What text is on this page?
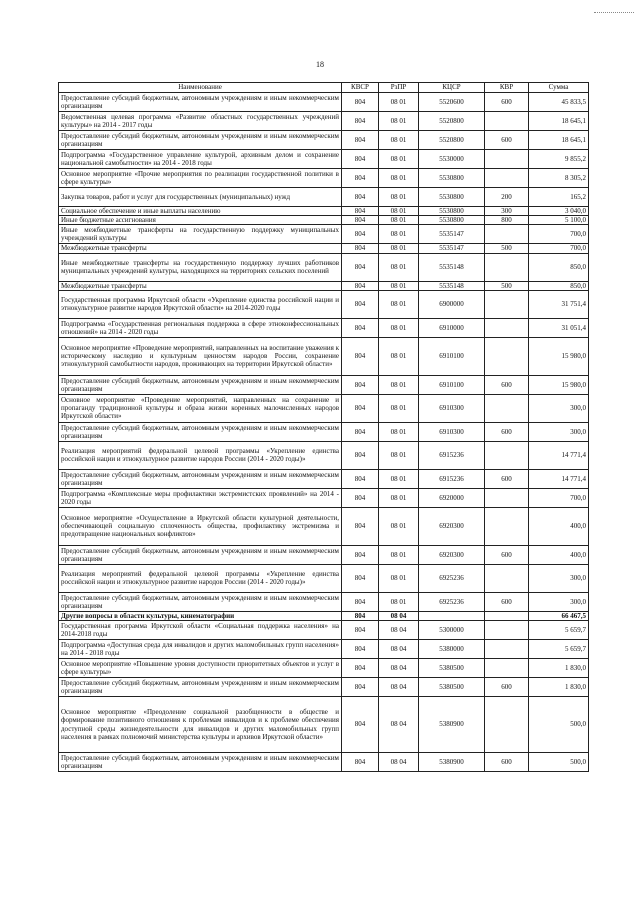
18
Наименование	КВСР	РзПР	КЦСР	КВР	Сумма
Предоставление субсидий бюджетным, автономным учреждениям и иным некоммерческим организациям	804	08 01	5520600	600	45 833,5
Ведомственная целевая программа «Развитие областных государственных учреждений культуры» на 2014 - 2017 годы	804	08 01	5520800		18 645,1
Предоставление субсидий бюджетным, автономным учреждениям и иным некоммерческим организациям	804	08 01	5520800	600	18 645,1
Подпрограмма «Государственное управление культурой, архивным делом и сохранение национальной самобытности» на 2014 - 2018 годы	804	08 01	5530000		9 855,2
Основное мероприятие «Прочие мероприятия по реализации государственной политики в сфере культуры»	804	08 01	5530800		8 305,2
Закупка товаров, работ и услуг для государственных (муниципальных) нужд	804	08 01	5530800	200	165,2
Социальное обеспечение и иные выплаты населению	804	08 01	5530800	300	3 040,0
Иные бюджетные ассигнования	804	08 01	5530800	800	5 100,0
Иные межбюджетные трансферты на государственную поддержку муниципальных учреждений культуры	804	08 01	5535147		700,0
Межбюджетные трансферты	804	08 01	5535147	500	700,0
Иные межбюджетные трансферты на государственную поддержку лучших работников муниципальных учреждений культуры, находящихся на территориях сельских поселений	804	08 01	5535148		850,0
Межбюджетные трансферты	804	08 01	5535148	500	850,0
Государственная программа Иркутской области «Укрепление единства российской нации и этнокультурное развитие народов Иркутской области» на 2014-2020 годы	804	08 01	6900000		31 751,4
Подпрограмма «Государственная региональная поддержка в сфере этноконфессиональных отношений» на 2014 - 2020 годы	804	08 01	6910000		31 051,4
Основное мероприятие «Проведение мероприятий, направленных на воспитание уважения к историческому наследию и культурным ценностям народов России, сохранение этнокультурной самобытности народов, проживающих на территории Иркутской области»	804	08 01	6910100		15 980,0
Предоставление субсидий бюджетным, автономным учреждениям и иным некоммерческим организациям	804	08 01	6910100	600	15 980,0
Основное мероприятие «Проведение мероприятий, направленных на сохранение и пропаганду традиционной культуры и образа жизни коренных малочисленных народов Иркутской области»	804	08 01	6910300		300,0
Предоставление субсидий бюджетным, автономным учреждениям и иным некоммерческим организациям	804	08 01	6910300	600	300,0
Реализация мероприятий федеральной целевой программы «Укрепление единства российской нации и этнокультурное развитие народов России (2014 - 2020 годы)»	804	08 01	6915236		14 771,4
Предоставление субсидий бюджетным, автономным учреждениям и иным некоммерческим организациям	804	08 01	6915236	600	14 771,4
Подпрограмма «Комплексные меры профилактики экстремистских проявлений» на 2014 - 2020 годы	804	08 01	6920000		700,0
Основное мероприятие «Осуществление в Иркутской области культурной деятельности, обеспечивающей социальную сплоченность общества, профилактику экстремизма и предотвращение национальных конфликтов»	804	08 01	6920300		400,0
Предоставление субсидий бюджетным, автономным учреждениям и иным некоммерческим организациям	804	08 01	6920300	600	400,0
Реализация мероприятий федеральной целевой программы «Укрепление единства российской нации и этнокультурное развитие народов России (2014 - 2020 годы)»	804	08 01	6925236		300,0
Предоставление субсидий бюджетным, автономным учреждениям и иным некоммерческим организациям	804	08 01	6925236	600	300,0
Другие вопросы в области культуры, кинематографии	804	08 04			66 467,5
Государственная программа Иркутской области «Социальная поддержка населения» на 2014-2018 годы	804	08 04	5300000		5 659,7
Подпрограмма «Доступная среда для инвалидов и других маломобильных групп населения» на 2014 - 2018 годы	804	08 04	5380000		5 659,7
Основное мероприятие «Повышение уровня доступности приоритетных объектов и услуг в сфере культуры»	804	08 04	5380500		1 830,0
Предоставление субсидий бюджетным, автономным учреждениям и иным некоммерческим организациям	804	08 04	5380500	600	1 830,0
Основное мероприятие «Преодоление социальной разобщенности в обществе и формирование позитивного отношения к проблемам инвалидов и к проблеме обеспечения доступной среды жизнедеятельности для инвалидов и других маломобильных групп населения в рамках полномочий министерства культуры и архивов Иркутской области»	804	08 04	5380900		500,0
Предоставление субсидий бюджетным, автономным учреждениям и иным некоммерческим организациям	804	08 04	5380900	600	500,0
